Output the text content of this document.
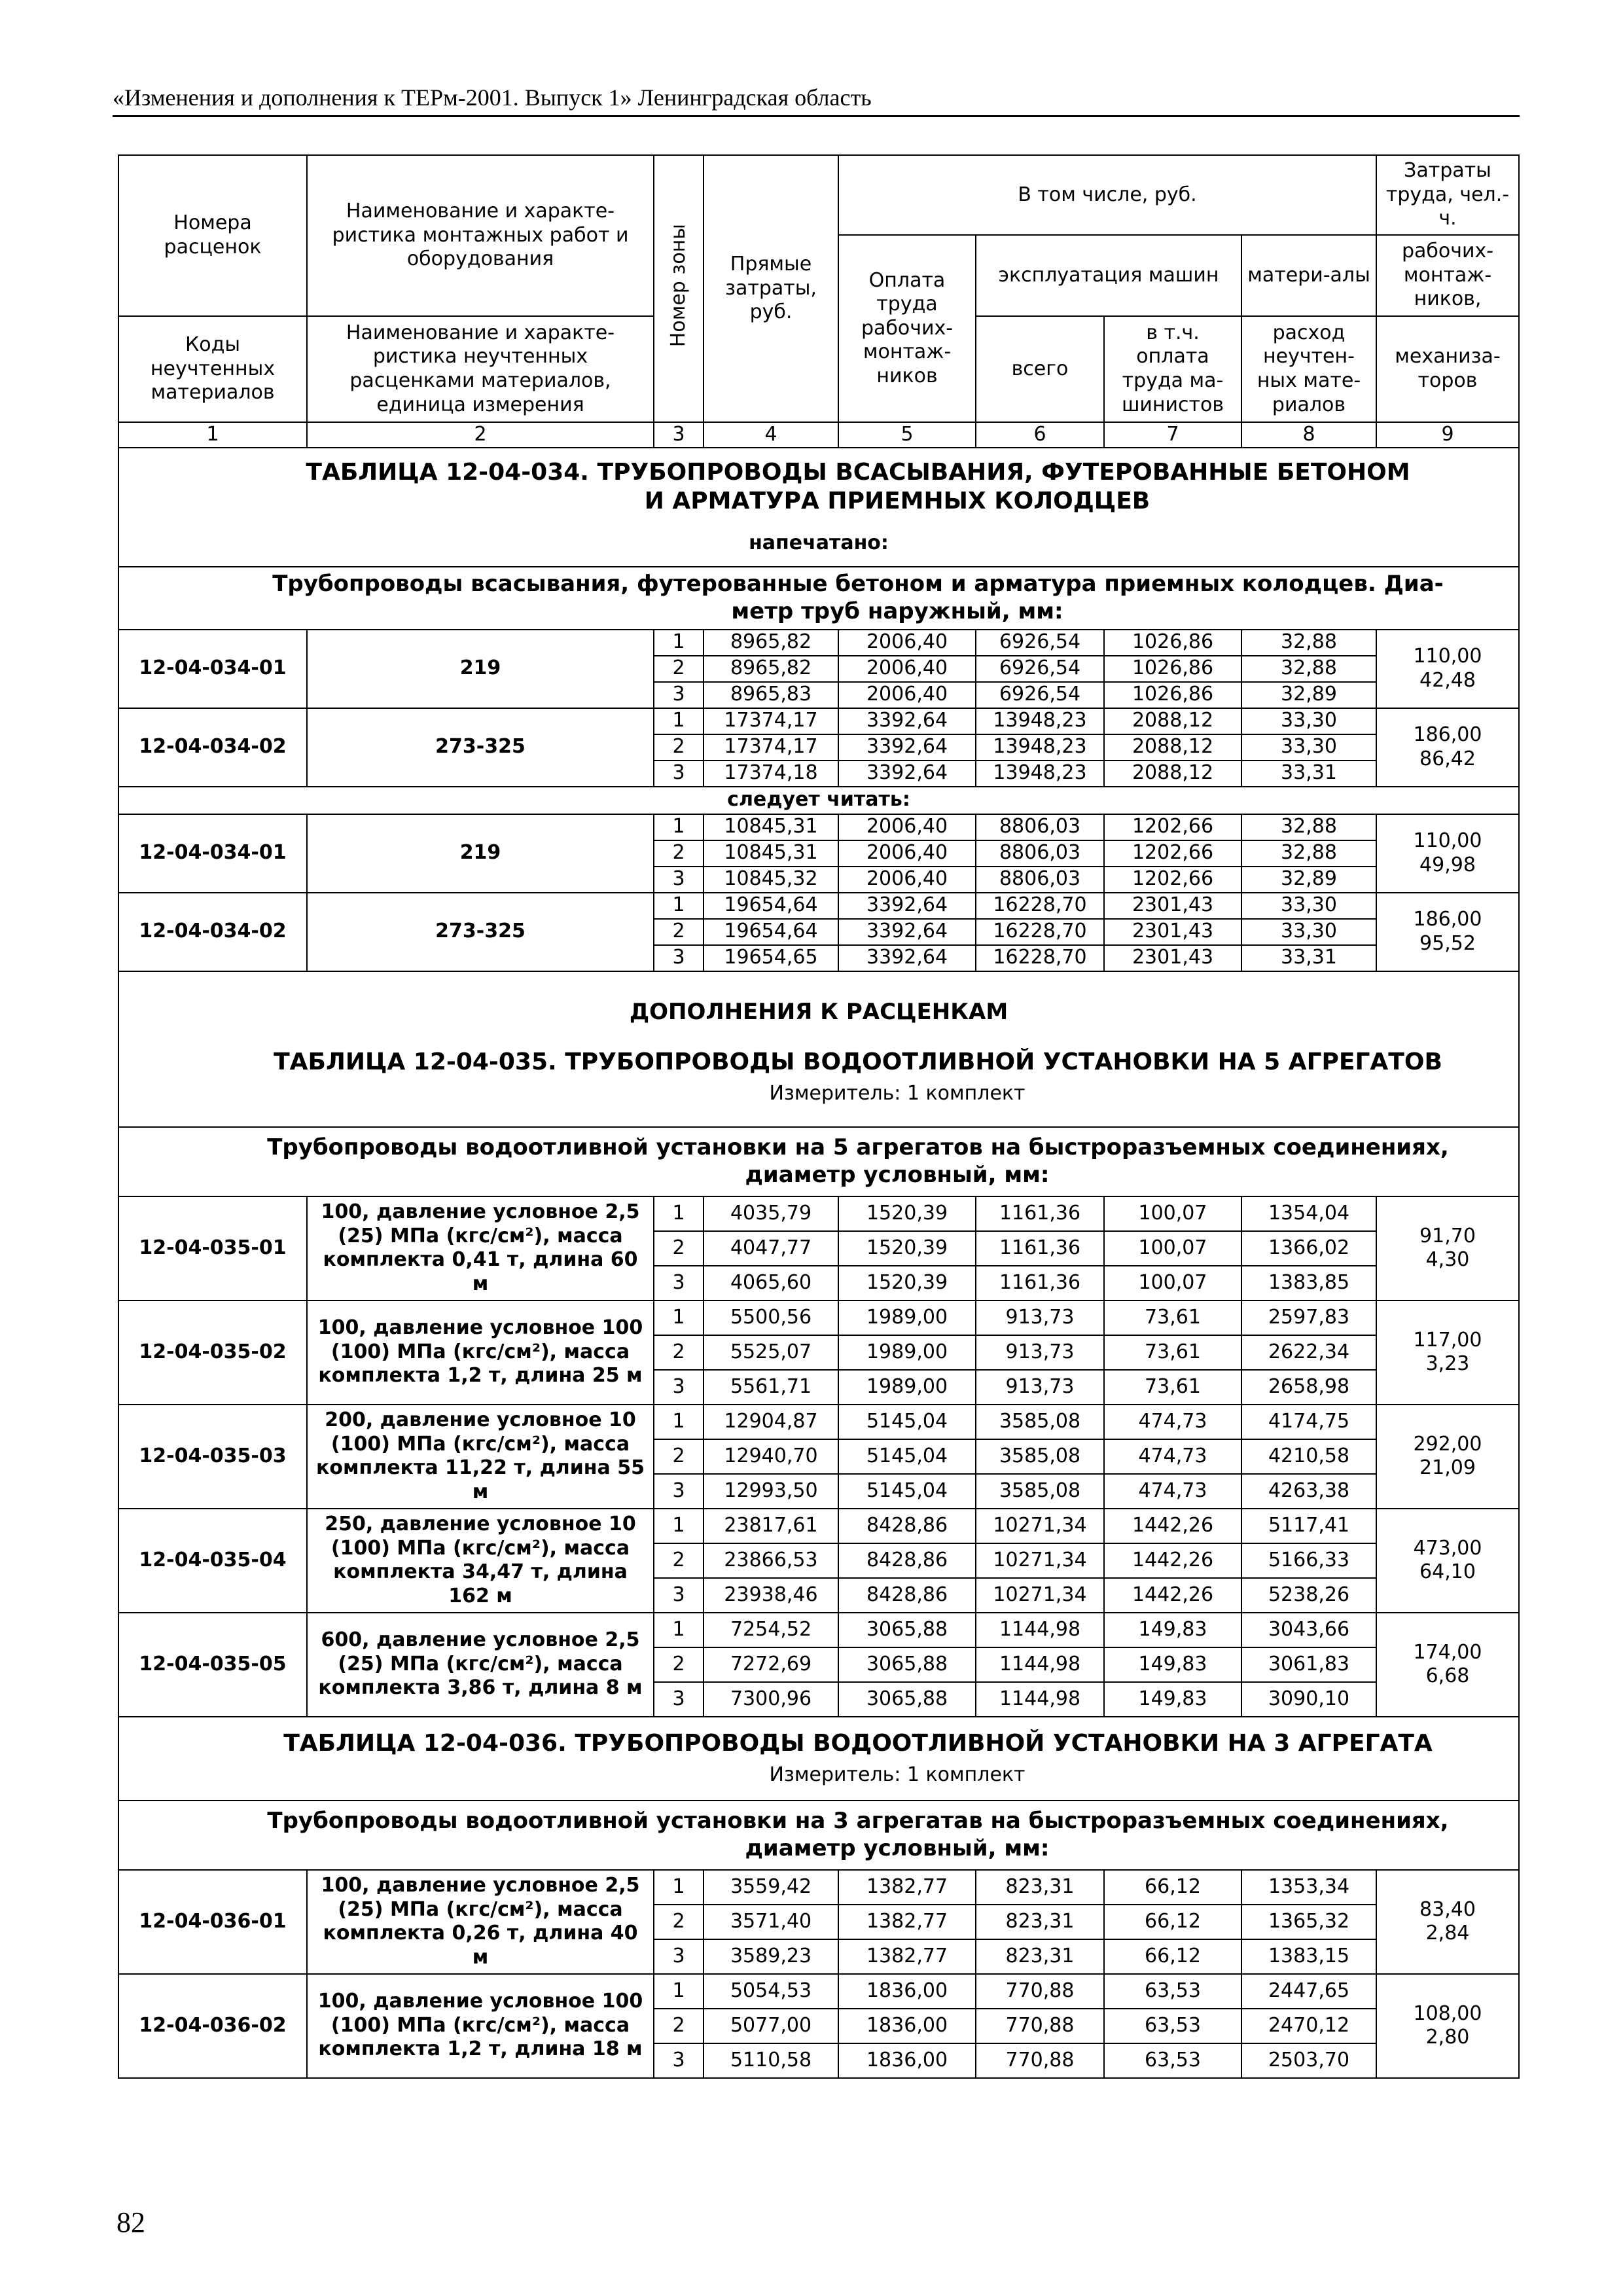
«Изменения и дополнения к ТЕРм-2001. Выпуск 1» Ленинградская область
Номера расценок	Наименование и характе-ристика монтажных работ и оборудования	Номер зоны	Прямые затраты, руб.	В том числе, руб.				Затраты труда, чел.-ч.
				Оплата труда рабочих-монтаж-ников	эксплуатация машин		матери-алы	рабочих-монтаж-ников,
Коды неучтенных материалов	Наименование и характе-ристика неучтенных расценками материалов, единица измерения				всего	в т.ч. оплата труда ма-шинистов	расход неучтен-ных мате-риалов	механиза-торов
1	2	3	4	5	6	7	8	9

ТАБЛИЦА 12-04-034. ТРУБОПРОВОДЫ ВСАСЫВАНИЯ, ФУТЕРОВАННЫЕ БЕТОНОМ
И АРМАТУРА ПРИЕМНЫХ КОЛОДЦЕВ
напечатано:								

Трубопроводы всасывания, футерованные бетоном и арматура приемных колодцев. Диа-
метр труб наружный, мм:								

12-04-034-01	219	1	8965,82	2006,40	6926,54	1026,86	32,88	110,00
42,48

		2	8965,82	2006,40	6926,54	1026,86	32,88	
		3	8965,83	2006,40	6926,54	1026,86	32,89	
12-04-034-02	273-325	1	17374,17	3392,64	13948,23	2088,12	33,30	186,00
86,42

		2	17374,17	3392,64	13948,23	2088,12	33,30	
		3	17374,18	3392,64	13948,23	2088,12	33,31	

следует читать:								

12-04-034-01	219	1	10845,31	2006,40	8806,03	1202,66	32,88	110,00
49,98

		2	10845,31	2006,40	8806,03	1202,66	32,88	
		3	10845,32	2006,40	8806,03	1202,66	32,89	
12-04-034-02	273-325	1	19654,64	3392,64	16228,70	2301,43	33,30	186,00
95,52

		2	19654,64	3392,64	16228,70	2301,43	33,30	
		3	19654,65	3392,64	16228,70	2301,43	33,31	

ДОПОЛНЕНИЯ К РАСЦЕНКАМ
ТАБЛИЦА 12-04-035. ТРУБОПРОВОДЫ ВОДООТЛИВНОЙ УСТАНОВКИ НА 5 АГРЕГАТОВ
Измеритель: 1 комплект								

Трубопроводы водоотливной установки на 5 агрегатов на быстроразъемных соединениях,
диаметр условный, мм:								

12-04-035-01	100, давление условное 2,5 (25) МПа (кгс/см²), масса комплекта 0,41 т, длина 60 м	1	4035,79	1520,39	1161,36	100,07	1354,04	91,70
4,30

		2	4047,77	1520,39	1161,36	100,07	1366,02	
		3	4065,60	1520,39	1161,36	100,07	1383,85	
12-04-035-02	100, давление условное 100 (100) МПа (кгс/см²), масса комплекта 1,2 т, длина 25 м	1	5500,56	1989,00	913,73	73,61	2597,83	117,00
3,23

		2	5525,07	1989,00	913,73	73,61	2622,34	
		3	5561,71	1989,00	913,73	73,61	2658,98	
12-04-035-03	200, давление условное 10 (100) МПа (кгс/см²), масса комплекта 11,22 т, длина 55 м	1	12904,87	5145,04	3585,08	474,73	4174,75	292,00
21,09

		2	12940,70	5145,04	3585,08	474,73	4210,58	
		3	12993,50	5145,04	3585,08	474,73	4263,38	
12-04-035-04	250, давление условное 10 (100) МПа (кгс/см²), масса комплекта 34,47 т, длина 162 м	1	23817,61	8428,86	10271,34	1442,26	5117,41	473,00
64,10

		2	23866,53	8428,86	10271,34	1442,26	5166,33	
		3	23938,46	8428,86	10271,34	1442,26	5238,26	
12-04-035-05	600, давление условное 2,5 (25) МПа (кгс/см²), масса комплекта 3,86 т, длина 8 м	1	7254,52	3065,88	1144,98	149,83	3043,66	174,00
6,68

		2	7272,69	3065,88	1144,98	149,83	3061,83	
		3	7300,96	3065,88	1144,98	149,83	3090,10	

ТАБЛИЦА 12-04-036. ТРУБОПРОВОДЫ ВОДООТЛИВНОЙ УСТАНОВКИ НА 3 АГРЕГАТА
Измеритель: 1 комплект								

Трубопроводы водоотливной установки на 3 агрегатав на быстроразъемных соединениях,
диаметр условный, мм:								

12-04-036-01	100, давление условное 2,5 (25) МПа (кгс/см²), масса комплекта 0,26 т, длина 40 м	1	3559,42	1382,77	823,31	66,12	1353,34	83,40
2,84

		2	3571,40	1382,77	823,31	66,12	1365,32	
		3	3589,23	1382,77	823,31	66,12	1383,15	
12-04-036-02	100, давление условное 100 (100) МПа (кгс/см²), масса комплекта 1,2 т, длина 18 м	1	5054,53	1836,00	770,88	63,53	2447,65	108,00
2,80

		2	5077,00	1836,00	770,88	63,53	2470,12	
		3	5110,58	1836,00	770,88	63,53	2503,70	
82
